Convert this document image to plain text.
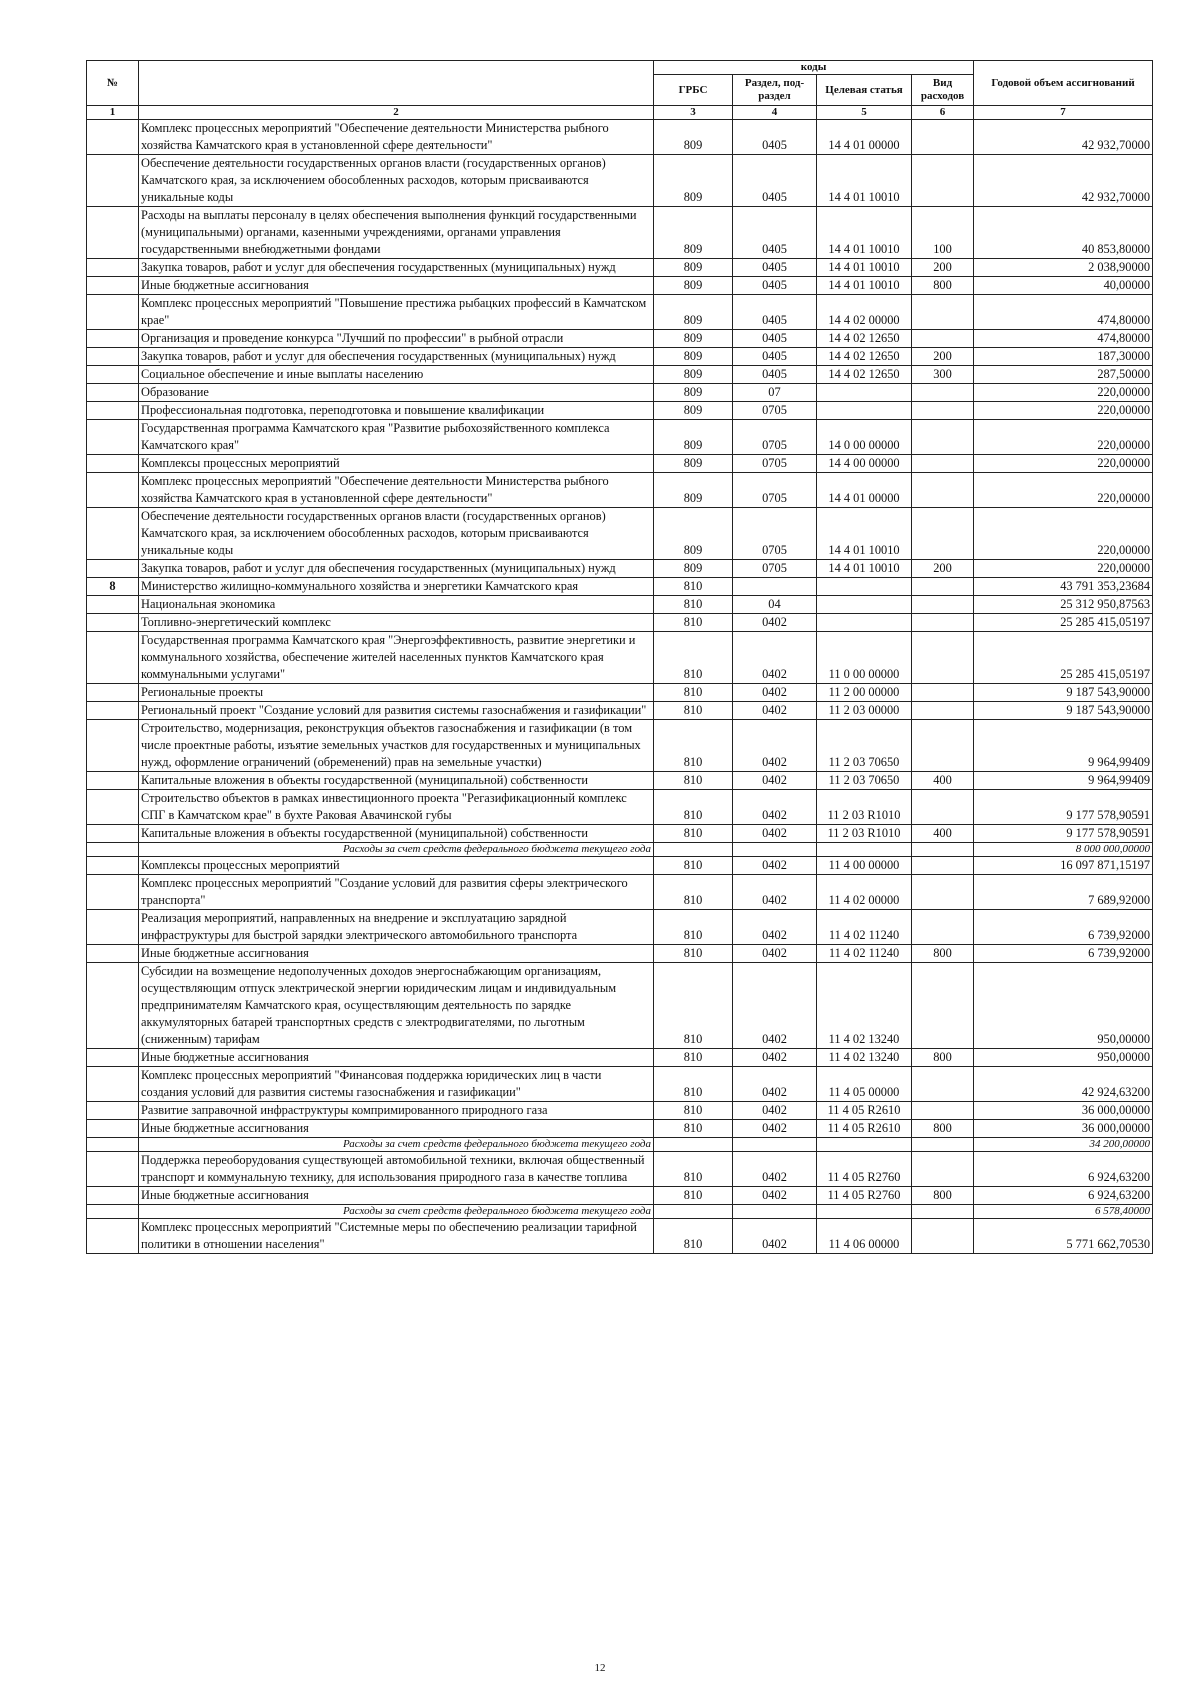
№		коды				Годовой объем ассигнований
		ГРБС	Раздел, под-раздел	Целевая статья	Вид расходов	
1	2	3	4	5	6	7
	Комплекс процессных мероприятий "Обеспечение деятельности Министерства рыбного хозяйства Камчатского края в установленной сфере деятельности"	809	0405	14 4 01 00000		42 932,70000
	Обеспечение деятельности государственных органов власти (государственных органов) Камчатского края, за исключением обособленных расходов, которым присваиваются уникальные коды	809	0405	14 4 01 10010		42 932,70000
	Расходы на выплаты персоналу в целях обеспечения выполнения функций государственными (муниципальными) органами, казенными учреждениями, органами управления государственными внебюджетными фондами	809	0405	14 4 01 10010	100	40 853,80000
	Закупка товаров, работ и услуг для обеспечения государственных (муниципальных) нужд	809	0405	14 4 01 10010	200	2 038,90000
	Иные бюджетные ассигнования	809	0405	14 4 01 10010	800	40,00000
	Комплекс процессных мероприятий "Повышение престижа рыбацких профессий в Камчатском крае"	809	0405	14 4 02 00000		474,80000
	Организация и проведение конкурса "Лучший по профессии" в рыбной отрасли	809	0405	14 4 02 12650		474,80000
	Закупка товаров, работ и услуг для обеспечения государственных (муниципальных) нужд	809	0405	14 4 02 12650	200	187,30000
	Социальное обеспечение и иные выплаты населению	809	0405	14 4 02 12650	300	287,50000
	Образование	809	07			220,00000
	Профессиональная подготовка, переподготовка и повышение квалификации	809	0705			220,00000
	Государственная программа Камчатского края "Развитие рыбохозяйственного комплекса Камчатского края"	809	0705	14 0 00 00000		220,00000
	Комплексы процессных мероприятий	809	0705	14 4 00 00000		220,00000
	Комплекс процессных мероприятий "Обеспечение деятельности Министерства рыбного хозяйства Камчатского края в установленной сфере деятельности"	809	0705	14 4 01 00000		220,00000
	Обеспечение деятельности государственных органов власти (государственных органов) Камчатского края, за исключением обособленных расходов, которым присваиваются уникальные коды	809	0705	14 4 01 10010		220,00000
	Закупка товаров, работ и услуг для обеспечения государственных (муниципальных) нужд	809	0705	14 4 01 10010	200	220,00000
8	Министерство жилищно-коммунального хозяйства и энергетики Камчатского края	810				43 791 353,23684
	Национальная экономика	810	04			25 312 950,87563
	Топливно-энергетический комплекс	810	0402			25 285 415,05197
	Государственная программа Камчатского края "Энергоэффективность, развитие энергетики и коммунального хозяйства, обеспечение жителей населенных пунктов Камчатского края коммунальными услугами"	810	0402	11 0 00 00000		25 285 415,05197
	Региональные проекты	810	0402	11 2 00 00000		9 187 543,90000
	Региональный проект "Создание условий для развития системы газоснабжения и газификации"	810	0402	11 2 03 00000		9 187 543,90000
	Строительство, модернизация, реконструкция объектов газоснабжения и газификации (в том числе проектные работы, изъятие земельных участков для государственных и муниципальных нужд, оформление ограничений (обременений) прав на земельные участки)	810	0402	11 2 03 70650		9 964,99409
	Капитальные вложения в объекты государственной (муниципальной) собственности	810	0402	11 2 03 70650	400	9 964,99409
	Строительство объектов в рамках инвестиционного проекта "Регазификационный комплекс СПГ в Камчатском крае" в бухте Раковая Авачинской губы	810	0402	11 2 03 R1010		9 177 578,90591
	Капитальные вложения в объекты государственной (муниципальной) собственности	810	0402	11 2 03 R1010	400	9 177 578,90591
	Расходы за счет средств федерального бюджета текущего года					8 000 000,00000
	Комплексы процессных мероприятий	810	0402	11 4 00 00000		16 097 871,15197
	Комплекс процессных мероприятий "Создание условий для развития сферы электрического транспорта"	810	0402	11 4 02 00000		7 689,92000
	Реализация мероприятий, направленных на внедрение и эксплуатацию зарядной инфраструктуры для быстрой зарядки электрического автомобильного транспорта	810	0402	11 4 02 11240		6 739,92000
	Иные бюджетные ассигнования	810	0402	11 4 02 11240	800	6 739,92000
	Субсидии на возмещение недополученных доходов энергоснабжающим организациям, осуществляющим отпуск электрической энергии юридическим лицам и индивидуальным предпринимателям Камчатского края, осуществляющим деятельность по зарядке аккумуляторных батарей транспортных средств с электродвигателями, по льготным (сниженным) тарифам	810	0402	11 4 02 13240		950,00000
	Иные бюджетные ассигнования	810	0402	11 4 02 13240	800	950,00000
	Комплекс процессных мероприятий "Финансовая поддержка юридических лиц в части создания условий для развития системы газоснабжения и газификации"	810	0402	11 4 05 00000		42 924,63200
	Развитие заправочной инфраструктуры компримированного природного газа	810	0402	11 4 05 R2610		36 000,00000
	Иные бюджетные ассигнования	810	0402	11 4 05 R2610	800	36 000,00000
	Расходы за счет средств федерального бюджета текущего года					34 200,00000
	Поддержка переоборудования существующей автомобильной техники, включая общественный транспорт и коммунальную технику, для использования природного газа в качестве топлива	810	0402	11 4 05 R2760		6 924,63200
	Иные бюджетные ассигнования	810	0402	11 4 05 R2760	800	6 924,63200
	Расходы за счет средств федерального бюджета текущего года					6 578,40000
	Комплекс процессных мероприятий "Системные меры по обеспечению реализации тарифной политики в отношении населения"	810	0402	11 4 06 00000		5 771 662,70530
12
